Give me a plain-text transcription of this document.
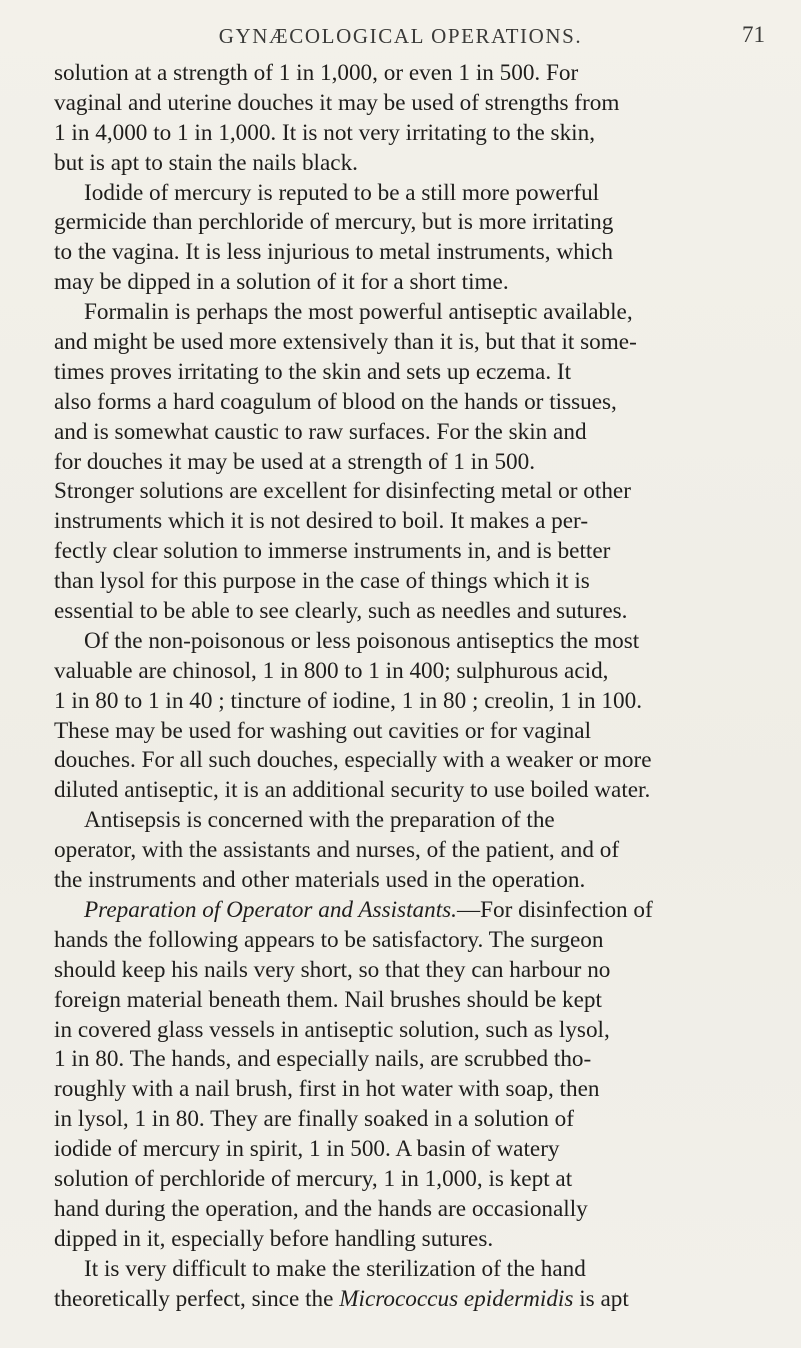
GYNÆCOLOGICAL OPERATIONS.	71
solution at a strength of 1 in 1,000, or even 1 in 500. For
vaginal and uterine douches it may be used of strengths from
1 in 4,000 to 1 in 1,000. It is not very irritating to the skin,
but is apt to stain the nails black.
Iodide of mercury is reputed to be a still more powerful
germicide than perchloride of mercury, but is more irritating
to the vagina. It is less injurious to metal instruments, which
may be dipped in a solution of it for a short time.
Formalin is perhaps the most powerful antiseptic available,
and might be used more extensively than it is, but that it some-
times proves irritating to the skin and sets up eczema. It
also forms a hard coagulum of blood on the hands or tissues,
and is somewhat caustic to raw surfaces. For the skin and
for douches it may be used at a strength of 1 in 500.
Stronger solutions are excellent for disinfecting metal or other
instruments which it is not desired to boil. It makes a per-
fectly clear solution to immerse instruments in, and is better
than lysol for this purpose in the case of things which it is
essential to be able to see clearly, such as needles and sutures.
Of the non-poisonous or less poisonous antiseptics the most
valuable are chinosol, 1 in 800 to 1 in 400; sulphurous acid,
1 in 80 to 1 in 40 ; tincture of iodine, 1 in 80 ; creolin, 1 in 100.
These may be used for washing out cavities or for vaginal
douches. For all such douches, especially with a weaker or more
diluted antiseptic, it is an additional security to use boiled water.
Antisepsis is concerned with the preparation of the
operator, with the assistants and nurses, of the patient, and of
the instruments and other materials used in the operation.
Preparation of Operator and Assistants.—For disinfection of
hands the following appears to be satisfactory. The surgeon
should keep his nails very short, so that they can harbour no
foreign material beneath them. Nail brushes should be kept
in covered glass vessels in antiseptic solution, such as lysol,
1 in 80. The hands, and especially nails, are scrubbed tho-
roughly with a nail brush, first in hot water with soap, then
in lysol, 1 in 80. They are finally soaked in a solution of
iodide of mercury in spirit, 1 in 500. A basin of watery
solution of perchloride of mercury, 1 in 1,000, is kept at
hand during the operation, and the hands are occasionally
dipped in it, especially before handling sutures.
It is very difficult to make the sterilization of the hand
theoretically perfect, since the Micrococcus epidermidis is apt
